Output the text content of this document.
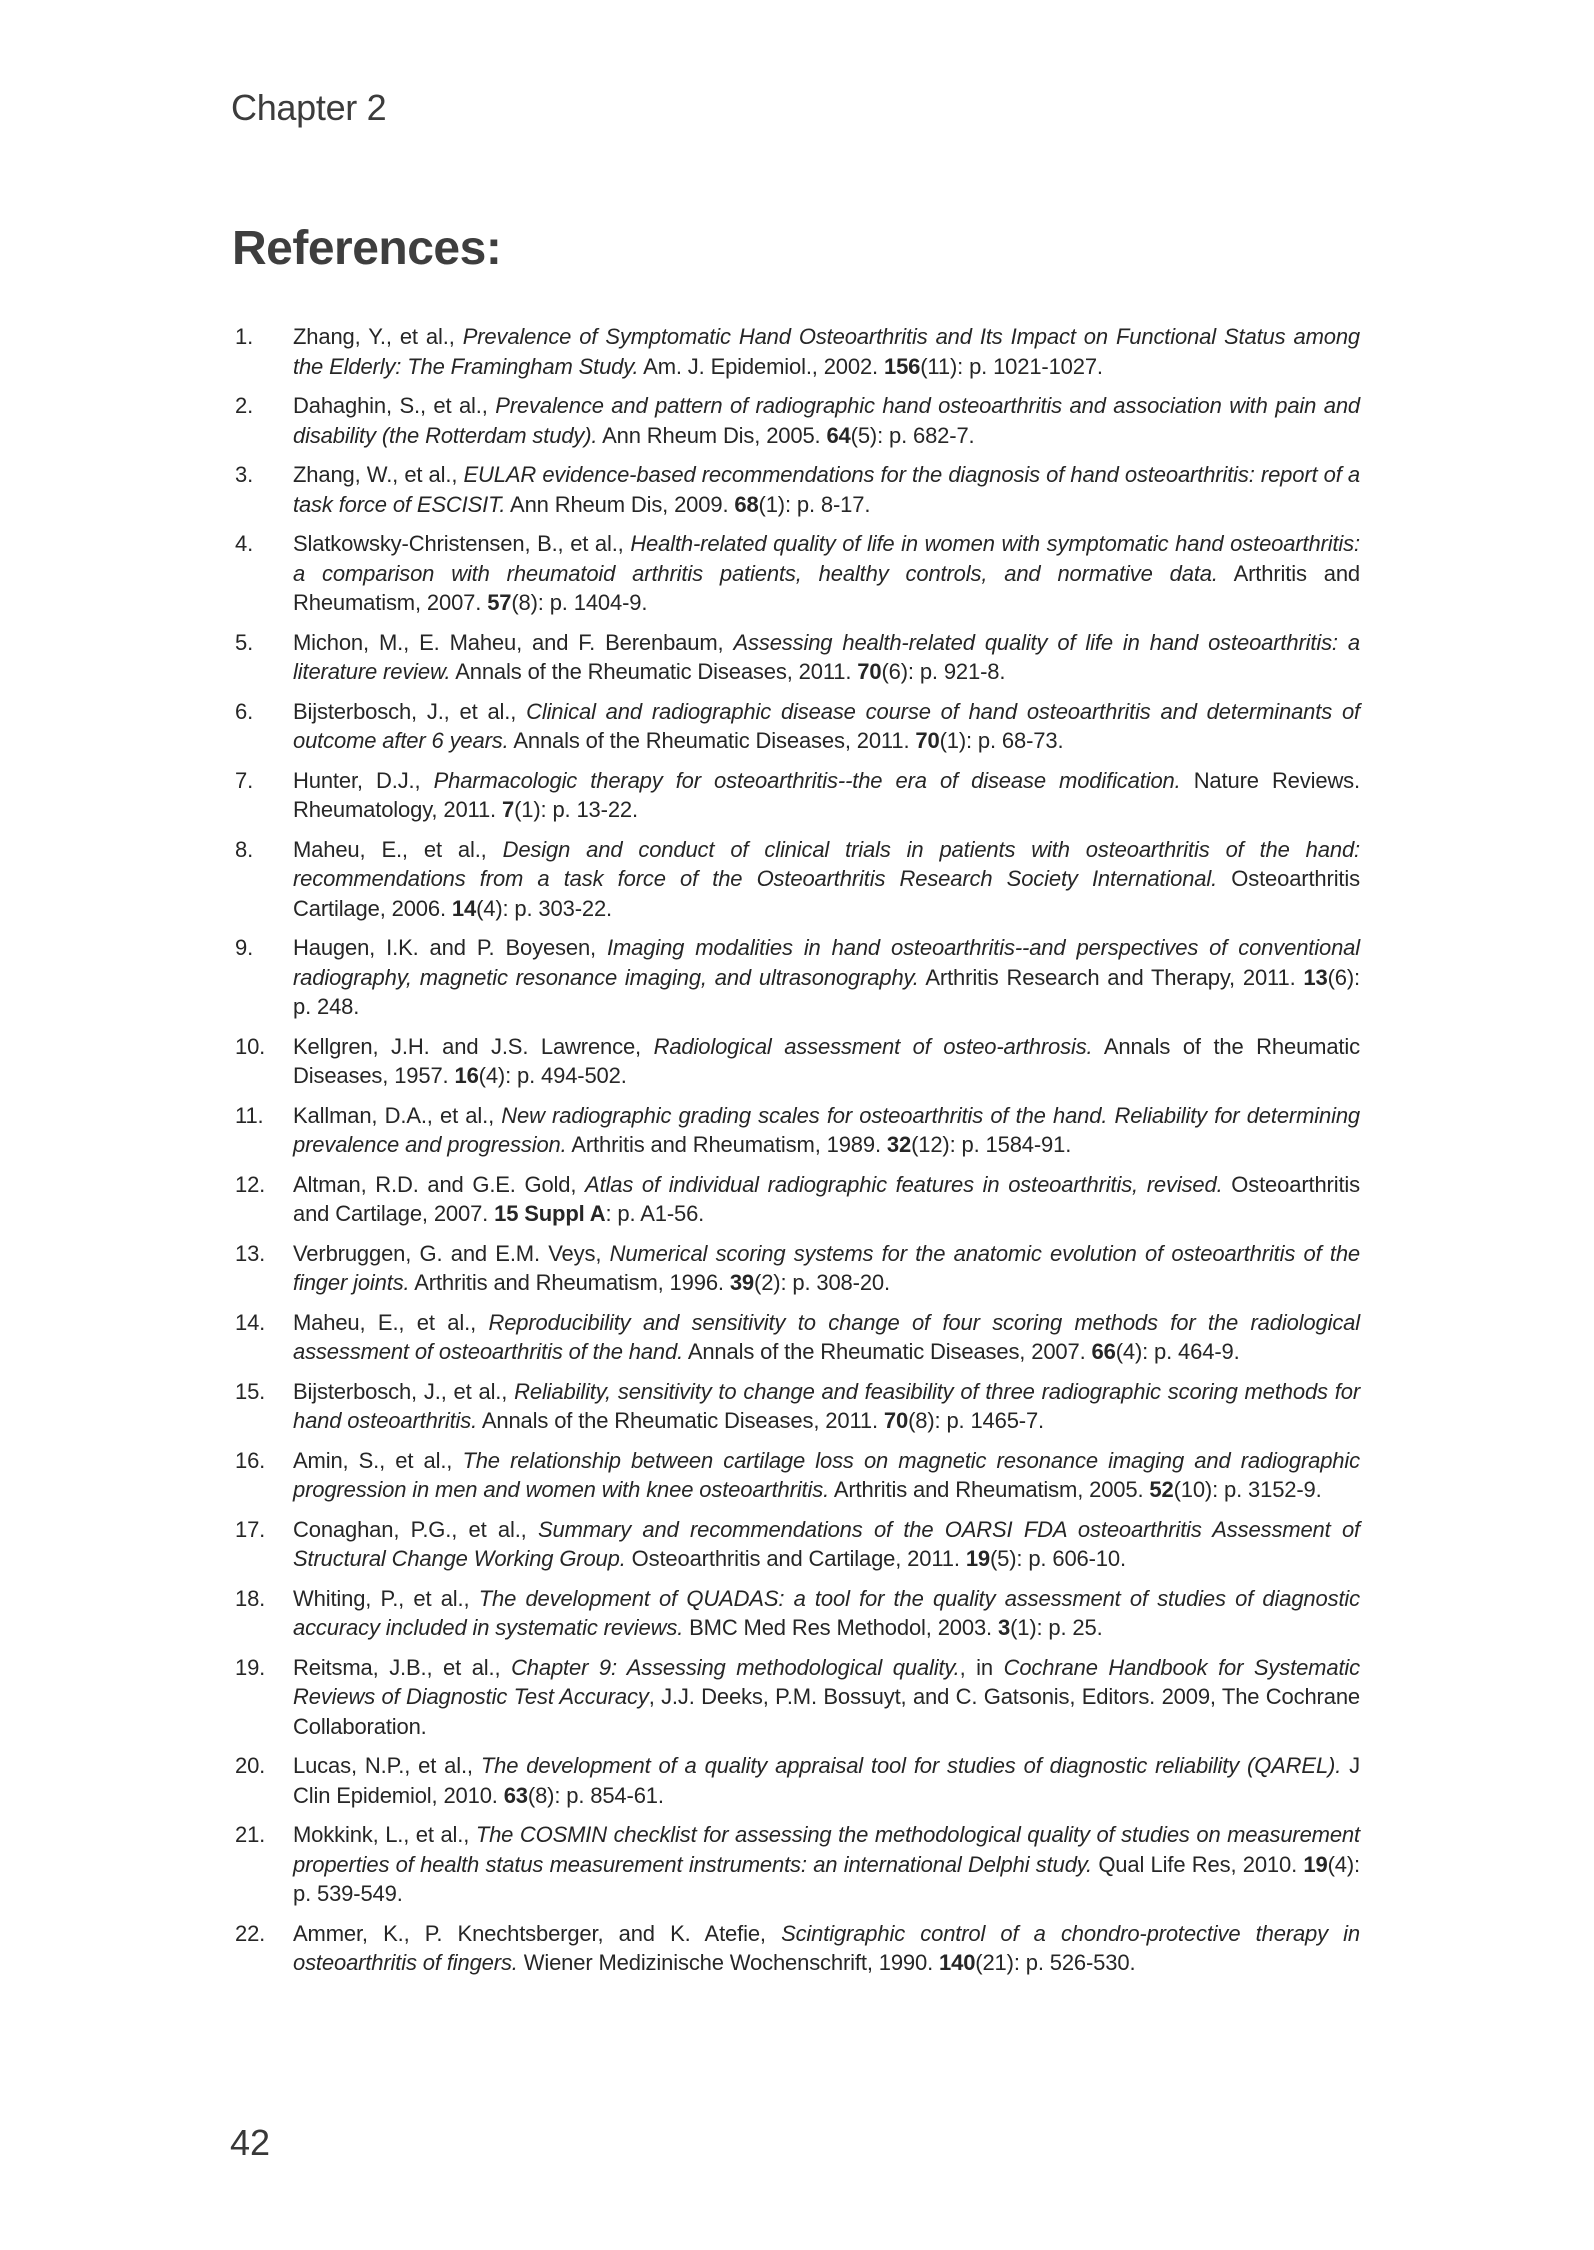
Chapter 2
References:
1. Zhang, Y., et al., Prevalence of Symptomatic Hand Osteoarthritis and Its Impact on Functional Status among the Elderly: The Framingham Study. Am. J. Epidemiol., 2002. 156(11): p. 1021-1027.
2. Dahaghin, S., et al., Prevalence and pattern of radiographic hand osteoarthritis and association with pain and disability (the Rotterdam study). Ann Rheum Dis, 2005. 64(5): p. 682-7.
3. Zhang, W., et al., EULAR evidence-based recommendations for the diagnosis of hand osteoarthritis: report of a task force of ESCISIT. Ann Rheum Dis, 2009. 68(1): p. 8-17.
4. Slatkowsky-Christensen, B., et al., Health-related quality of life in women with symptomatic hand osteoarthritis: a comparison with rheumatoid arthritis patients, healthy controls, and normative data. Arthritis and Rheumatism, 2007. 57(8): p. 1404-9.
5. Michon, M., E. Maheu, and F. Berenbaum, Assessing health-related quality of life in hand osteoarthritis: a literature review. Annals of the Rheumatic Diseases, 2011. 70(6): p. 921-8.
6. Bijsterbosch, J., et al., Clinical and radiographic disease course of hand osteoarthritis and determinants of outcome after 6 years. Annals of the Rheumatic Diseases, 2011. 70(1): p. 68-73.
7. Hunter, D.J., Pharmacologic therapy for osteoarthritis--the era of disease modification. Nature Reviews. Rheumatology, 2011. 7(1): p. 13-22.
8. Maheu, E., et al., Design and conduct of clinical trials in patients with osteoarthritis of the hand: recommendations from a task force of the Osteoarthritis Research Society International. Osteoarthritis Cartilage, 2006. 14(4): p. 303-22.
9. Haugen, I.K. and P. Boyesen, Imaging modalities in hand osteoarthritis--and perspectives of conventional radiography, magnetic resonance imaging, and ultrasonography. Arthritis Research and Therapy, 2011. 13(6): p. 248.
10. Kellgren, J.H. and J.S. Lawrence, Radiological assessment of osteo-arthrosis. Annals of the Rheumatic Diseases, 1957. 16(4): p. 494-502.
11. Kallman, D.A., et al., New radiographic grading scales for osteoarthritis of the hand. Reliability for determining prevalence and progression. Arthritis and Rheumatism, 1989. 32(12): p. 1584-91.
12. Altman, R.D. and G.E. Gold, Atlas of individual radiographic features in osteoarthritis, revised. Osteoarthritis and Cartilage, 2007. 15 Suppl A: p. A1-56.
13. Verbruggen, G. and E.M. Veys, Numerical scoring systems for the anatomic evolution of osteoarthritis of the finger joints. Arthritis and Rheumatism, 1996. 39(2): p. 308-20.
14. Maheu, E., et al., Reproducibility and sensitivity to change of four scoring methods for the radiological assessment of osteoarthritis of the hand. Annals of the Rheumatic Diseases, 2007. 66(4): p. 464-9.
15. Bijsterbosch, J., et al., Reliability, sensitivity to change and feasibility of three radiographic scoring methods for hand osteoarthritis. Annals of the Rheumatic Diseases, 2011. 70(8): p. 1465-7.
16. Amin, S., et al., The relationship between cartilage loss on magnetic resonance imaging and radiographic progression in men and women with knee osteoarthritis. Arthritis and Rheumatism, 2005. 52(10): p. 3152-9.
17. Conaghan, P.G., et al., Summary and recommendations of the OARSI FDA osteoarthritis Assessment of Structural Change Working Group. Osteoarthritis and Cartilage, 2011. 19(5): p. 606-10.
18. Whiting, P., et al., The development of QUADAS: a tool for the quality assessment of studies of diagnostic accuracy included in systematic reviews. BMC Med Res Methodol, 2003. 3(1): p. 25.
19. Reitsma, J.B., et al., Chapter 9: Assessing methodological quality., in Cochrane Handbook for Systematic Reviews of Diagnostic Test Accuracy, J.J. Deeks, P.M. Bossuyt, and C. Gatsonis, Editors. 2009, The Cochrane Collaboration.
20. Lucas, N.P., et al., The development of a quality appraisal tool for studies of diagnostic reliability (QAREL). J Clin Epidemiol, 2010. 63(8): p. 854-61.
21. Mokkink, L., et al., The COSMIN checklist for assessing the methodological quality of studies on measurement properties of health status measurement instruments: an international Delphi study. Qual Life Res, 2010. 19(4): p. 539-549.
22. Ammer, K., P. Knechtsberger, and K. Atefie, Scintigraphic control of a chondro-protective therapy in osteoarthritis of fingers. Wiener Medizinische Wochenschrift, 1990. 140(21): p. 526-530.
42
